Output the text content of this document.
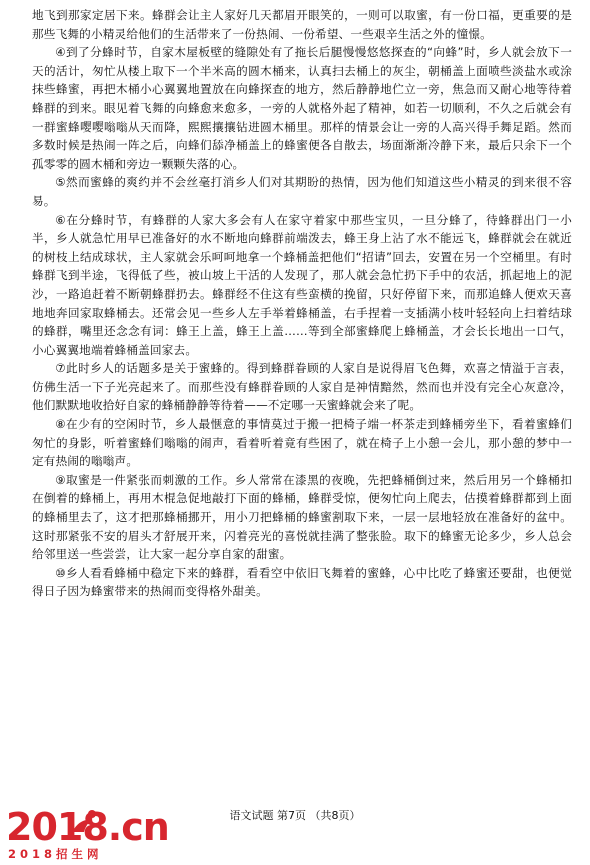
地飞到那家定居下来。蜂群会让主人家好几天都眉开眼笑的，一则可以取蜜，有一份口福，更重要的是那些飞舞的小精灵给他们的生活带来了一份热闹、一份希望、一些艰辛生活之外的憧憬。

④到了分蜂时节，自家木屋板壁的缝隙处有了拖长后腿慢慢悠悠探查的“向蜂”时，乡人就会放下一天的活计，匆忙从楼上取下一个半米高的圆木桶来，认真扫去桶上的灰尘，朝桶盖上面喷些淡盐水或涂抹些蜂蜜，再把木桶小心翼翼地置放在向蜂探查的地方，然后静静地伫立一旁，焦急而又耐心地等待着蜂群的到来。眼见着飞舞的向蜂愈来愈多，一旁的人就格外起了精神，如若一切顺利，不久之后就会有一群蜜蜂嘤嘤嗡嗡从天而降，熙熙攘攘钻进圆木桶里。那样的情景会让一旁的人高兴得手舞足蹈。然而多数时候是热闹一阵之后，向蜂们舔净桶盖上的蜂蜜便各自散去，场面渐渐冷静下来，最后只余下一个孤零零的圆木桶和旁边一颗颗失落的心。

⑤然而蜜蜂的爽约并不会丝毫打消乡人们对其期盼的热情，因为他们知道这些小精灵的到来很不容易。

⑥在分蜂时节，有蜂群的人家大多会有人在家守着家中那些宝贝，一旦分蜂了，待蜂群出门一小半，乡人就急忙用早已准备好的水不断地向蜂群前端泼去，蜂王身上沾了水不能远飞，蜂群就会在就近的树枝上结成球状，主人家就会乐呵呵地拿一个蜂桶盖把他们“招请”回去，安置在另一个空桶里。有时蜂群飞到半途，飞得低了些，被山坡上干活的人发现了，那人就会急忙扔下手中的农活，抓起地上的泥沙，一路追赶着不断朝蜂群扔去。蜂群经不住这有些蛮横的挽留，只好停留下来，而那追蜂人便欢天喜地地奔回家取蜂桶去。还常会见一些乡人左手举着蜂桶盖，右手捏着一支插满小枝叶轻轻向上扫着结球的蜂群，嘴里还念念有词：蜂王上盖，蜂王上盖……等到全部蜜蜂爬上蜂桶盖，才会长长地出一口气，小心翼翼地端着蜂桶盖回家去。

⑦此时乡人的话题多是关于蜜蜂的。得到蜂群眷顾的人家自是说得眉飞色舞，欢喜之情溢于言表，仿佛生活一下子光亮起来了。而那些没有蜂群眷顾的人家自是神情黯然，然而也并没有完全心灰意冷，他们默默地收拾好自家的蜂桶静静等待着——不定哪一天蜜蜂就会来了呢。

⑧在少有的空闲时节，乡人最惬意的事情莫过于搬一把椅子端一杯茶走到蜂桶旁坐下，看着蜜蜂们匆忙的身影，听着蜜蜂们嗡嗡的闹声，看着听着竟有些困了，就在椅子上小憩一会儿，那小憩的梦中一定有热闹的嗡嗡声。

⑨取蜜是一件紧张而刺激的工作。乡人常常在漆黑的夜晚，先把蜂桶倒过来，然后用另一个蜂桶扣在倒着的蜂桶上，再用木棍急促地敲打下面的蜂桶，蜂群受惊，便匆忙向上爬去，估摸着蜂群都到上面的蜂桶里去了，这才把那蜂桶挪开，用小刀把蜂桶的蜂蜜割取下来，一层一层地轻放在准备好的盆中。这时那紧张不安的眉头才舒展开来，闪着亮光的喜悦就挂满了整张脸。取下的蜂蜜无论多少，乡人总会给邻里送一些尝尝，让大家一起分享自家的甜蜜。

⑩乡人看看蜂桶中稳定下来的蜂群，看看空中依旧飞舞着的蜜蜂，心中比吃了蜂蜜还要甜，也便觉得日子因为蜂蜜带来的热闹而变得格外甜美。

语文试题 第7页 （共8页）
2018.cn
2018招生网
